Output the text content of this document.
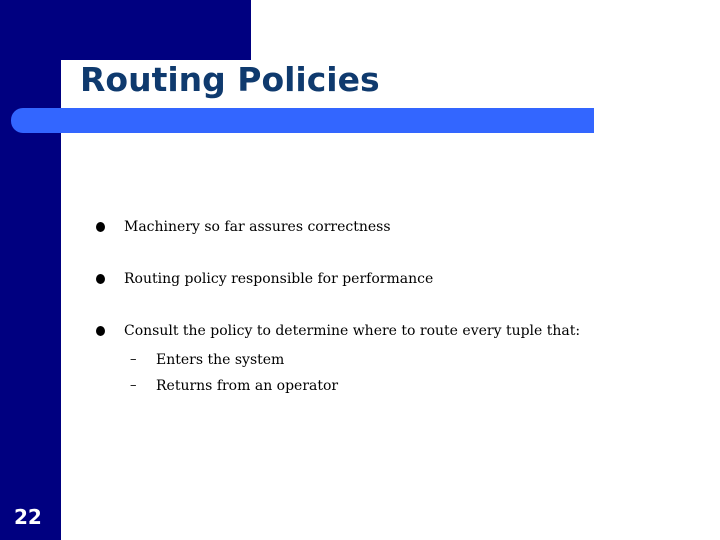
Routing Policies
Machinery so far assures correctness
Routing policy responsible for performance
Consult the policy to determine where to route every tuple that:
– Enters the system
– Returns from an operator
22
